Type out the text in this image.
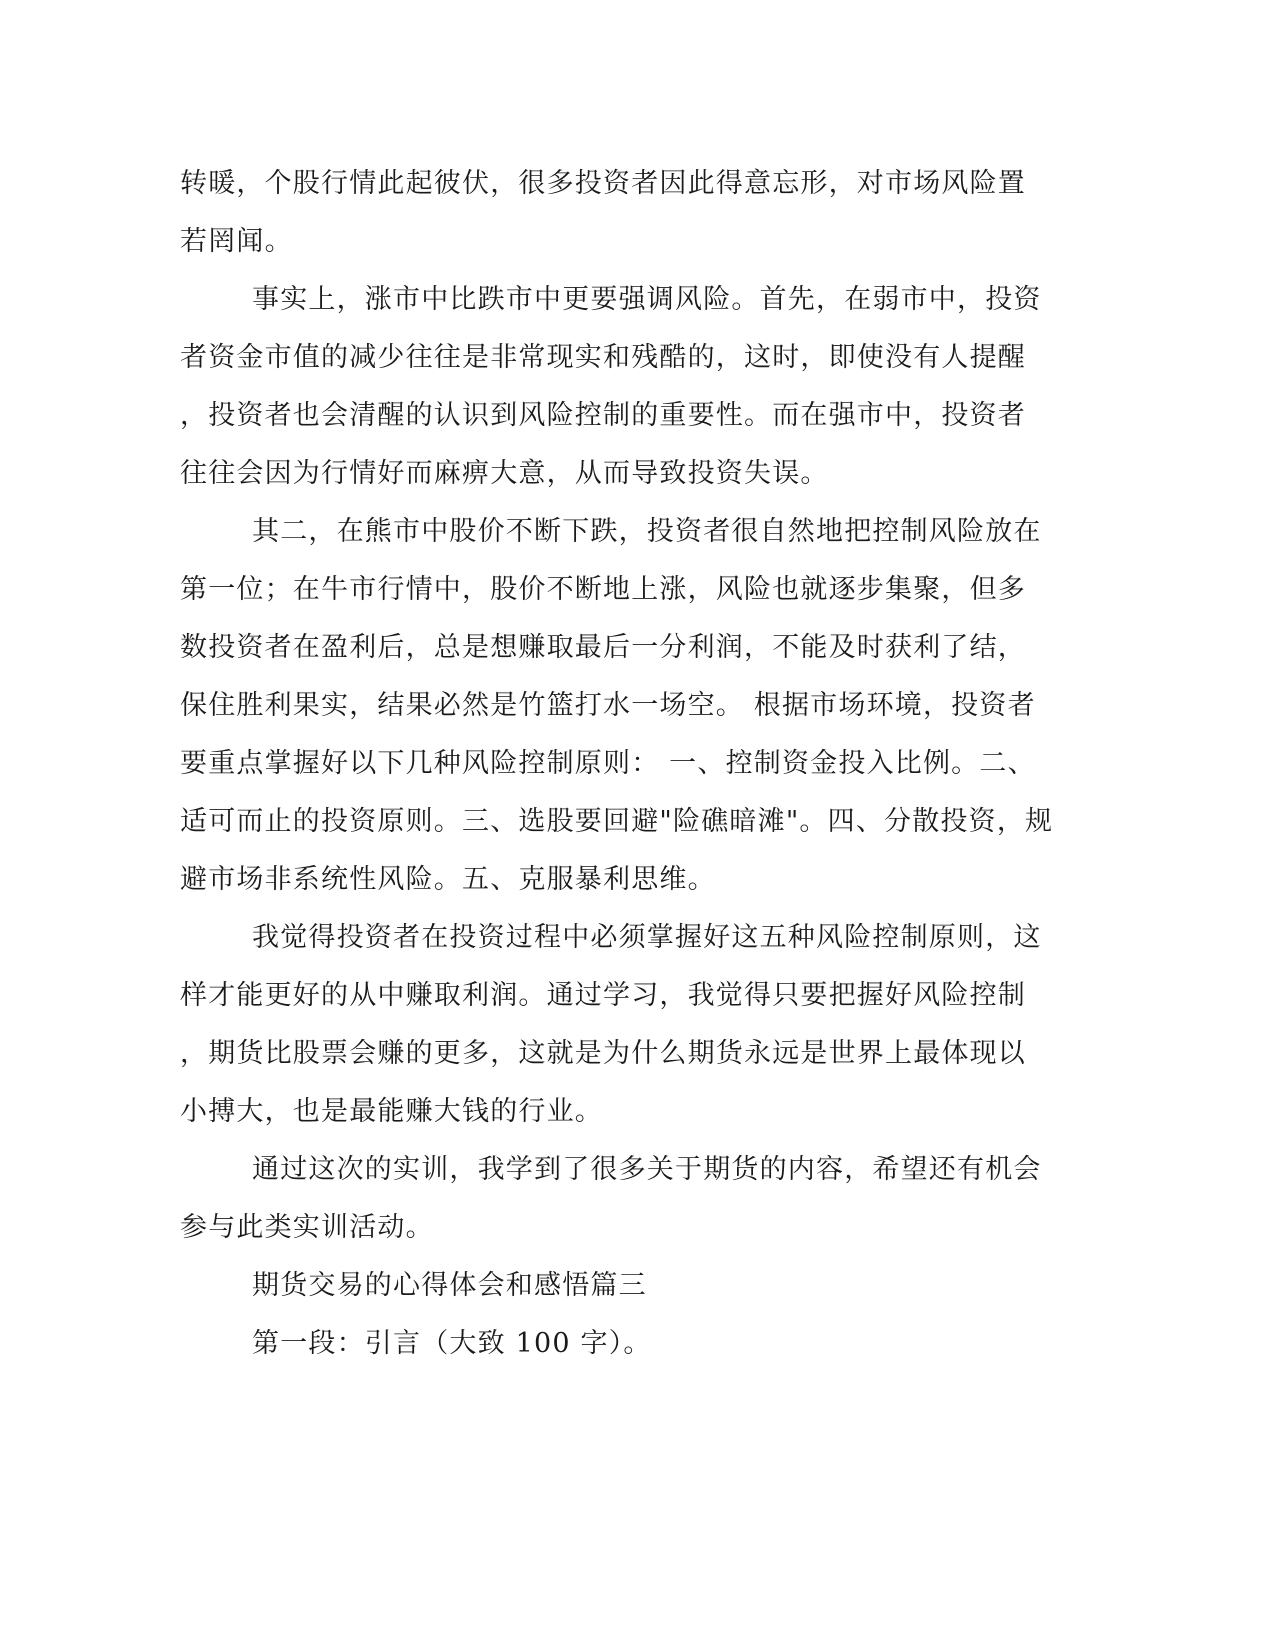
转暖，个股行情此起彼伏，很多投资者因此得意忘形，对市场风险置
若罔闻。
事实上，涨市中比跌市中更要强调风险。首先，在弱市中，投资
者资金市值的减少往往是非常现实和残酷的，这时，即使没有人提醒
，投资者也会清醒的认识到风险控制的重要性。而在强市中，投资者
往往会因为行情好而麻痹大意，从而导致投资失误。
其二，在熊市中股价不断下跌，投资者很自然地把控制风险放在
第一位；在牛市行情中，股价不断地上涨，风险也就逐步集聚，但多
数投资者在盈利后，总是想赚取最后一分利润，不能及时获利了结，
保住胜利果实，结果必然是竹篮打水一场空。 根据市场环境，投资者
要重点掌握好以下几种风险控制原则： 一、控制资金投入比例。二、
适可而止的投资原则。三、选股要回避"险礁暗滩"。四、分散投资，规
避市场非系统性风险。五、克服暴利思维。
我觉得投资者在投资过程中必须掌握好这五种风险控制原则，这
样才能更好的从中赚取利润。通过学习，我觉得只要把握好风险控制
，期货比股票会赚的更多，这就是为什么期货永远是世界上最体现以
小搏大，也是最能赚大钱的行业。
通过这次的实训，我学到了很多关于期货的内容，希望还有机会
参与此类实训活动。
期货交易的心得体会和感悟篇三
第一段：引言（大致 100 字）。
